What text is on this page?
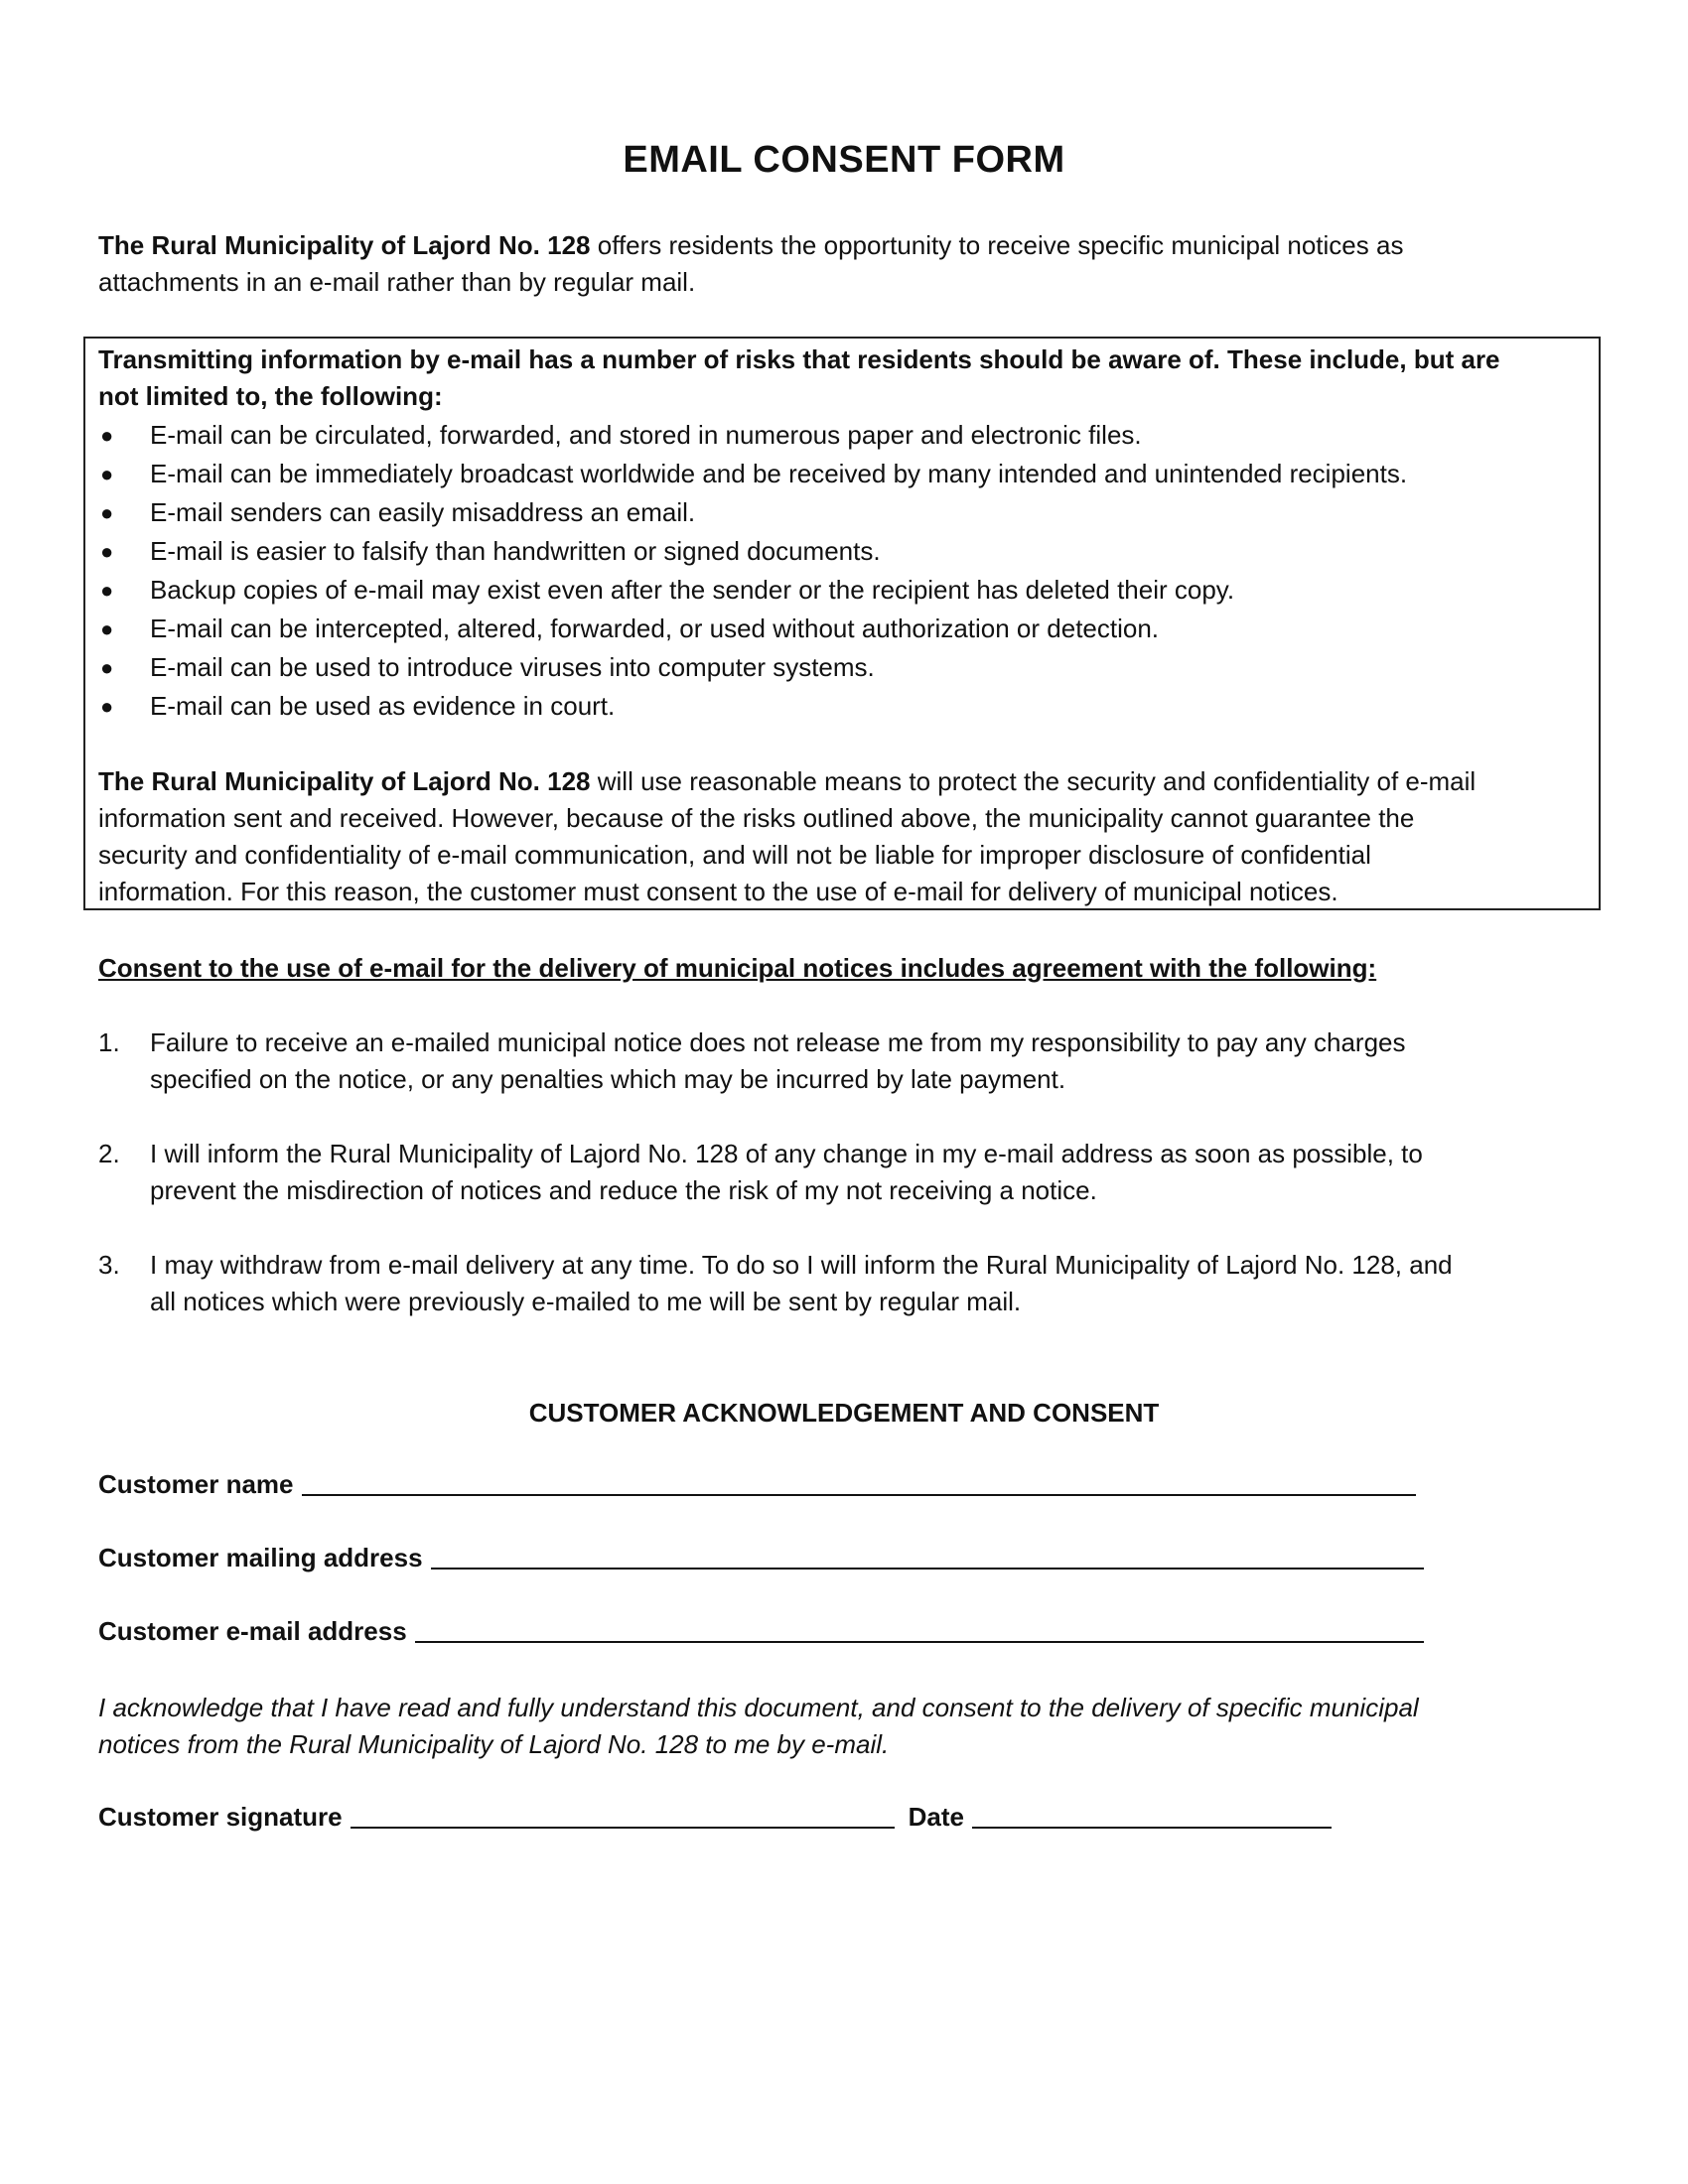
EMAIL CONSENT FORM

The Rural Municipality of Lajord No. 128 offers residents the opportunity to receive specific municipal notices as
attachments in an e-mail rather than by regular mail.

Transmitting information by e-mail has a number of risks that residents should be aware of. These include, but are
not limited to, the following:

● E-mail can be circulated, forwarded, and stored in numerous paper and electronic files.
● E-mail can be immediately broadcast worldwide and be received by many intended and unintended recipients.
● E-mail senders can easily misaddress an email.
● E-mail is easier to falsify than handwritten or signed documents.
● Backup copies of e-mail may exist even after the sender or the recipient has deleted their copy.
● E-mail can be intercepted, altered, forwarded, or used without authorization or detection.
● E-mail can be used to introduce viruses into computer systems.
● E-mail can be used as evidence in court.

The Rural Municipality of Lajord No. 128 will use reasonable means to protect the security and confidentiality of e-mail
information sent and received. However, because of the risks outlined above, the municipality cannot guarantee the
security and confidentiality of e-mail communication, and will not be liable for improper disclosure of confidential
information. For this reason, the customer must consent to the use of e-mail for delivery of municipal notices.

Consent to the use of e-mail for the delivery of municipal notices includes agreement with the following:

1. Failure to receive an e-mailed municipal notice does not release me from my responsibility to pay any charges
specified on the notice, or any penalties which may be incurred by late payment.
2. I will inform the Rural Municipality of Lajord No. 128 of any change in my e-mail address as soon as possible, to
prevent the misdirection of notices and reduce the risk of my not receiving a notice.
3. I may withdraw from e-mail delivery at any time. To do so I will inform the Rural Municipality of Lajord No. 128, and
all notices which were previously e-mailed to me will be sent by regular mail.
CUSTOMER ACKNOWLEDGEMENT AND CONSENT
Customer name
Customer mailing address
Customer e-mail address

I acknowledge that I have read and fully understand this document, and consent to the delivery of specific municipal
notices from the Rural Municipality of Lajord No. 128 to me by e-mail.

Customer signature	Date
